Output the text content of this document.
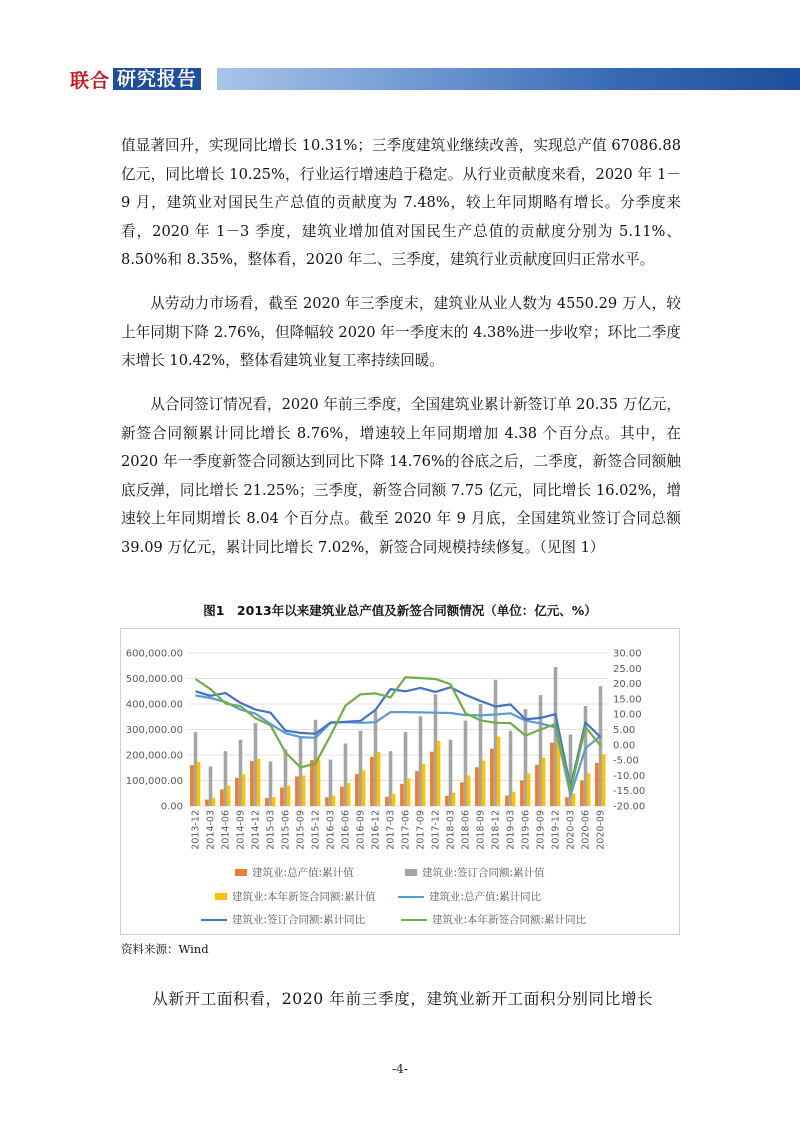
联合 研究报告

值显著回升，实现同比增长 10.31%；三季度建筑业继续改善，实现总产值 67086.88 亿元，同比增长 10.25%，行业运行增速趋于稳定。从行业贡献度来看，2020 年 1－9 月，建筑业对国民生产总值的贡献度为 7.48%，较上年同期略有增长。分季度来看，2020 年 1－3 季度，建筑业增加值对国民生产总值的贡献度分别为 5.11%、8.50%和 8.35%，整体看，2020 年二、三季度，建筑行业贡献度回归正常水平。

从劳动力市场看，截至 2020 年三季度末，建筑业从业人数为 4550.29 万人，较上年同期下降 2.76%，但降幅较 2020 年一季度末的 4.38%进一步收窄；环比二季度末增长 10.42%，整体看建筑业复工率持续回暖。

从合同签订情况看，2020 年前三季度，全国建筑业累计新签订单 20.35 万亿元，新签合同额累计同比增长 8.76%，增速较上年同期增加 4.38 个百分点。其中，在 2020 年一季度新签合同额达到同比下降 14.76%的谷底之后，二季度，新签合同额触底反弹，同比增长 21.25%；三季度，新签合同额 7.75 亿元，同比增长 16.02%，增速较上年同期增长 8.04 个百分点。截至 2020 年 9 月底，全国建筑业签订合同总额 39.09 万亿元，累计同比增长 7.02%，新签合同规模持续修复。（见图 1）

图1　2013年以来建筑业总产值及新签合同额情况（单位：亿元、%）
0.00
100,000.00
200,000.00
300,000.00
400,000.00
500,000.00
600,000.00
-20.00
-15.00
-10.00
-5.00
0.00
5.00
10.00
15.00
20.00
25.00
30.00
2013-12 2014-03 2014-06 2014-09 2014-12 2015-03 2015-06 2015-09 2015-12 2016-03 2016-06 2016-09 2016-12 2017-03 2017-06 2017-09 2017-12 2018-03 2018-06 2018-09 2018-12 2019-03 2019-06 2019-09 2019-12 2020-03 2020-06 2020-09
建筑业:总产值:累计值	建筑业:签订合同额:累计值
建筑业:本年新签合同额:累计值	建筑业:总产值:累计同比
建筑业:签订合同额:累计同比	建筑业:本年新签合同额:累计同比
资料来源：Wind

从新开工面积看，2020 年前三季度，建筑业新开工面积分别同比增长

-4-
